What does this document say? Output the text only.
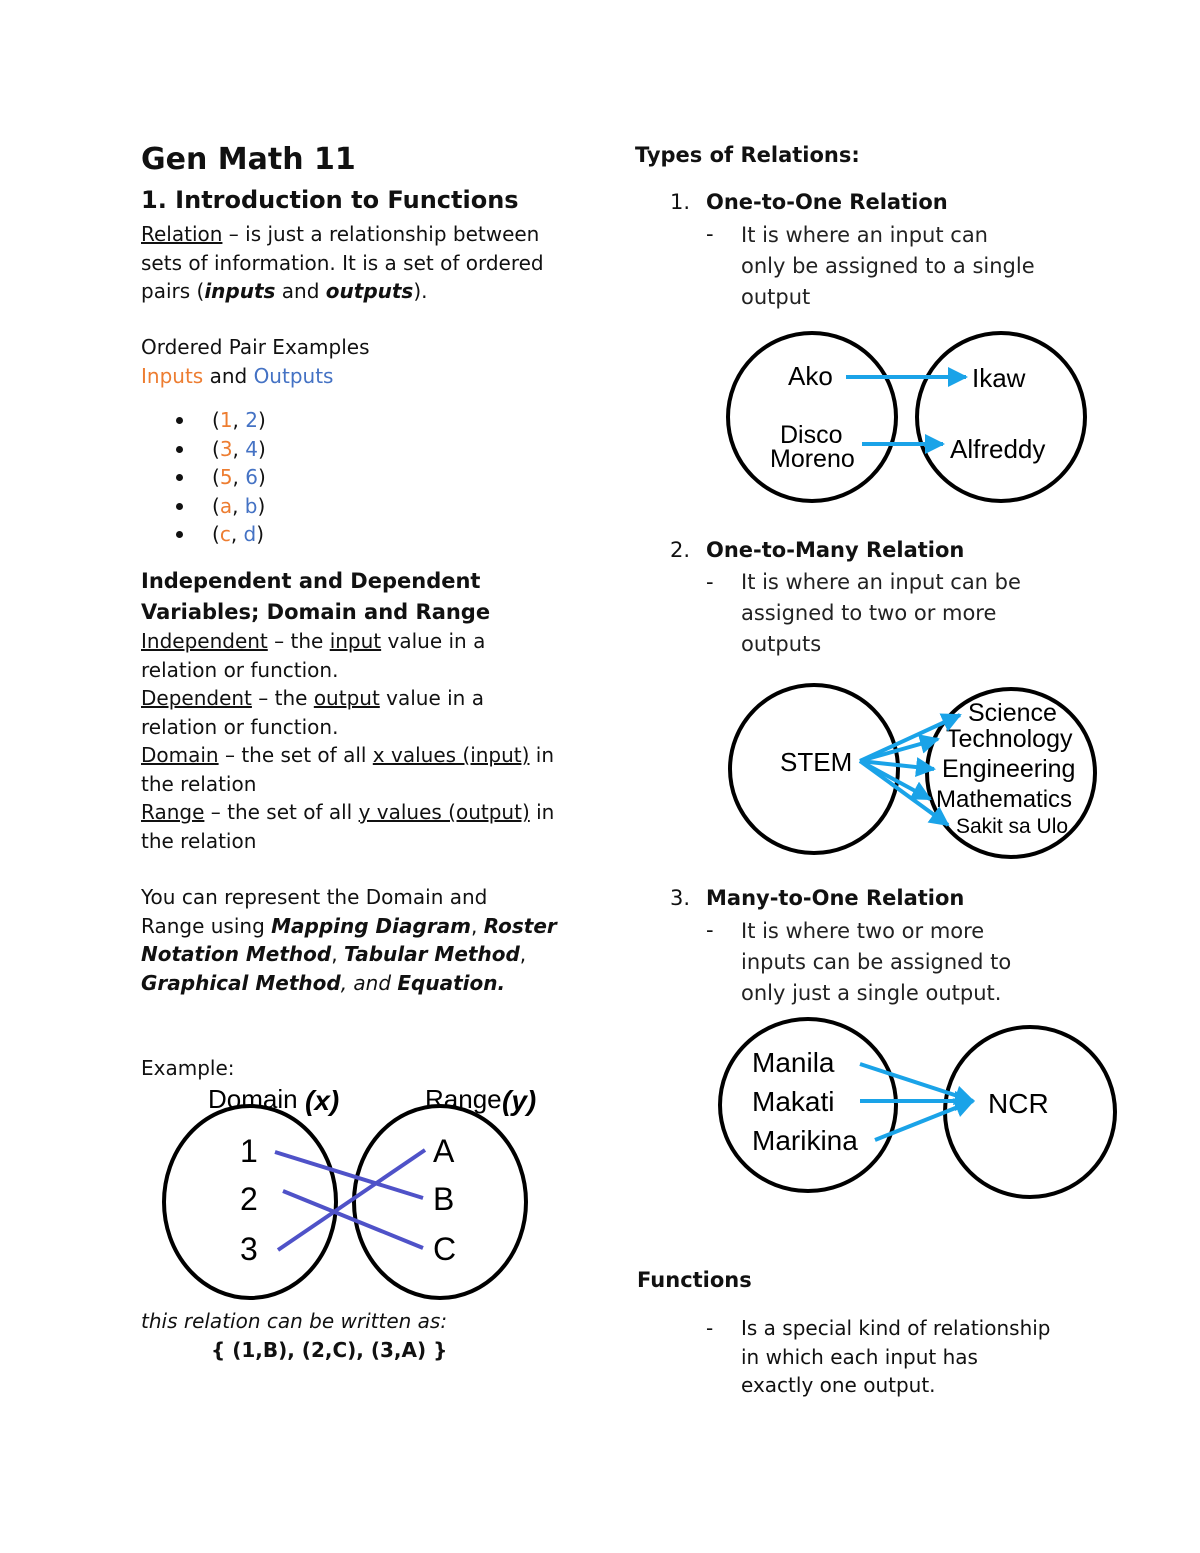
Gen Math 11
1. Introduction to Functions
Relation – is just a relationship between
sets of information. It is a set of ordered
pairs (inputs and outputs).
Ordered Pair Examples
Inputs and Outputs
(1, 2)
(3, 4)
(5, 6)
(a, b)
(c, d)
Independent and Dependent
Variables; Domain and Range
Independent – the input value in a
relation or function.
Dependent – the output value in a
relation or function.
Domain – the set of all x values (input) in
the relation
Range – the set of all y values (output) in
the relation
You can represent the Domain and
Range using Mapping Diagram, Roster
Notation Method, Tabular Method,
Graphical Method, and Equation.
Example:
Domain (x)	Range (y)
1
2
3
A
B
C
this relation can be written as:
{ (1,B), (2,C), (3,A) }
Types of Relations:
1. One-to-One Relation
- It is where an input can
only be assigned to a single
output
Ako
Disco
Moreno
Ikaw
Alfreddy
2. One-to-Many Relation
- It is where an input can be
assigned to two or more
outputs
STEM
Science
Technology
Engineering
Mathematics
Sakit sa Ulo
3. Many-to-One Relation
- It is where two or more
inputs can be assigned to
only just a single output.
Manila
Makati
Marikina
NCR
Functions
- Is a special kind of relationship
in which each input has
exactly one output.
